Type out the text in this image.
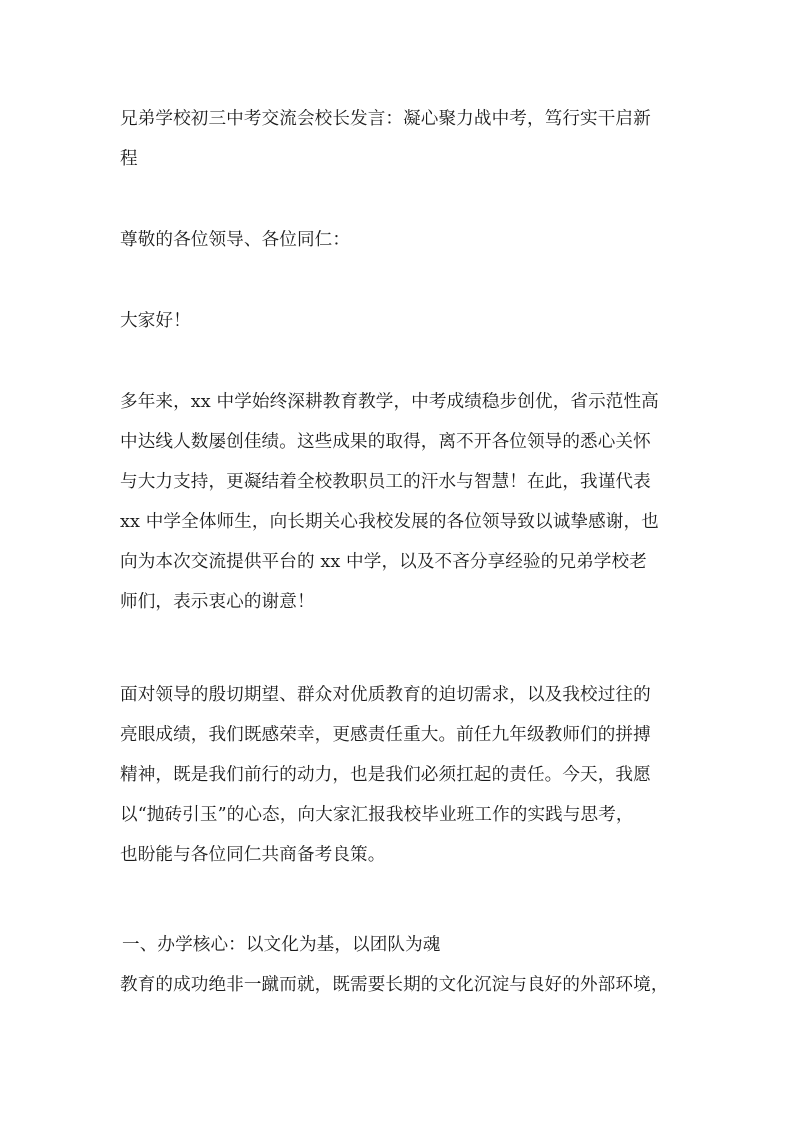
兄弟学校初三中考交流会校长发言：凝心聚力战中考，笃行实干启新
程
尊敬的各位领导、各位同仁：
大家好！
多年来，xx 中学始终深耕教育教学，中考成绩稳步创优，省示范性高
中达线人数屡创佳绩。这些成果的取得，离不开各位领导的悉心关怀
与大力支持，更凝结着全校教职员工的汗水与智慧！在此，我谨代表
xx 中学全体师生，向长期关心我校发展的各位领导致以诚挚感谢，也
向为本次交流提供平台的 xx 中学，以及不吝分享经验的兄弟学校老
师们，表示衷心的谢意！
面对领导的殷切期望、群众对优质教育的迫切需求，以及我校过往的
亮眼成绩，我们既感荣幸，更感责任重大。前任九年级教师们的拼搏
精神，既是我们前行的动力，也是我们必须扛起的责任。今天，我愿
以“抛砖引玉”的心态，向大家汇报我校毕业班工作的实践与思考，
也盼能与各位同仁共商备考良策。
一、办学核心：以文化为基，以团队为魂
教育的成功绝非一蹴而就，既需要长期的文化沉淀与良好的外部环境，
